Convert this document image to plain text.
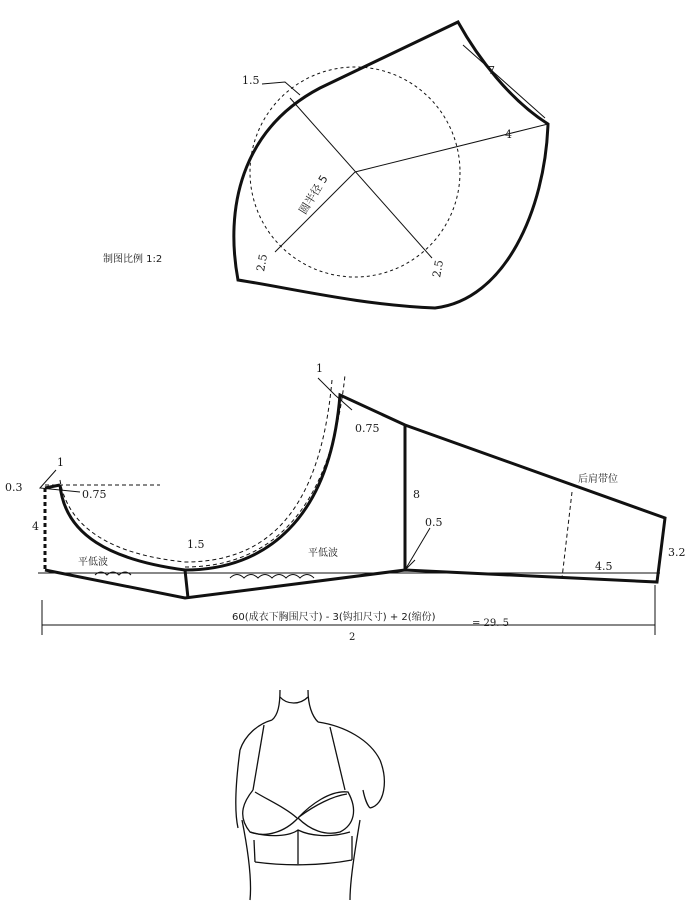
1.5
7
4
圆半径 5
2.5	2.5
制图比例 1:2
1
0.75
1
0.75
0.3
4
1.5
8
0.5
3.2
4.5
平低波
平低波
后肩带位
60(成衣下胸围尺寸) - 3(钩扣尺寸) + 2(缩份)
2
= 29. 5
